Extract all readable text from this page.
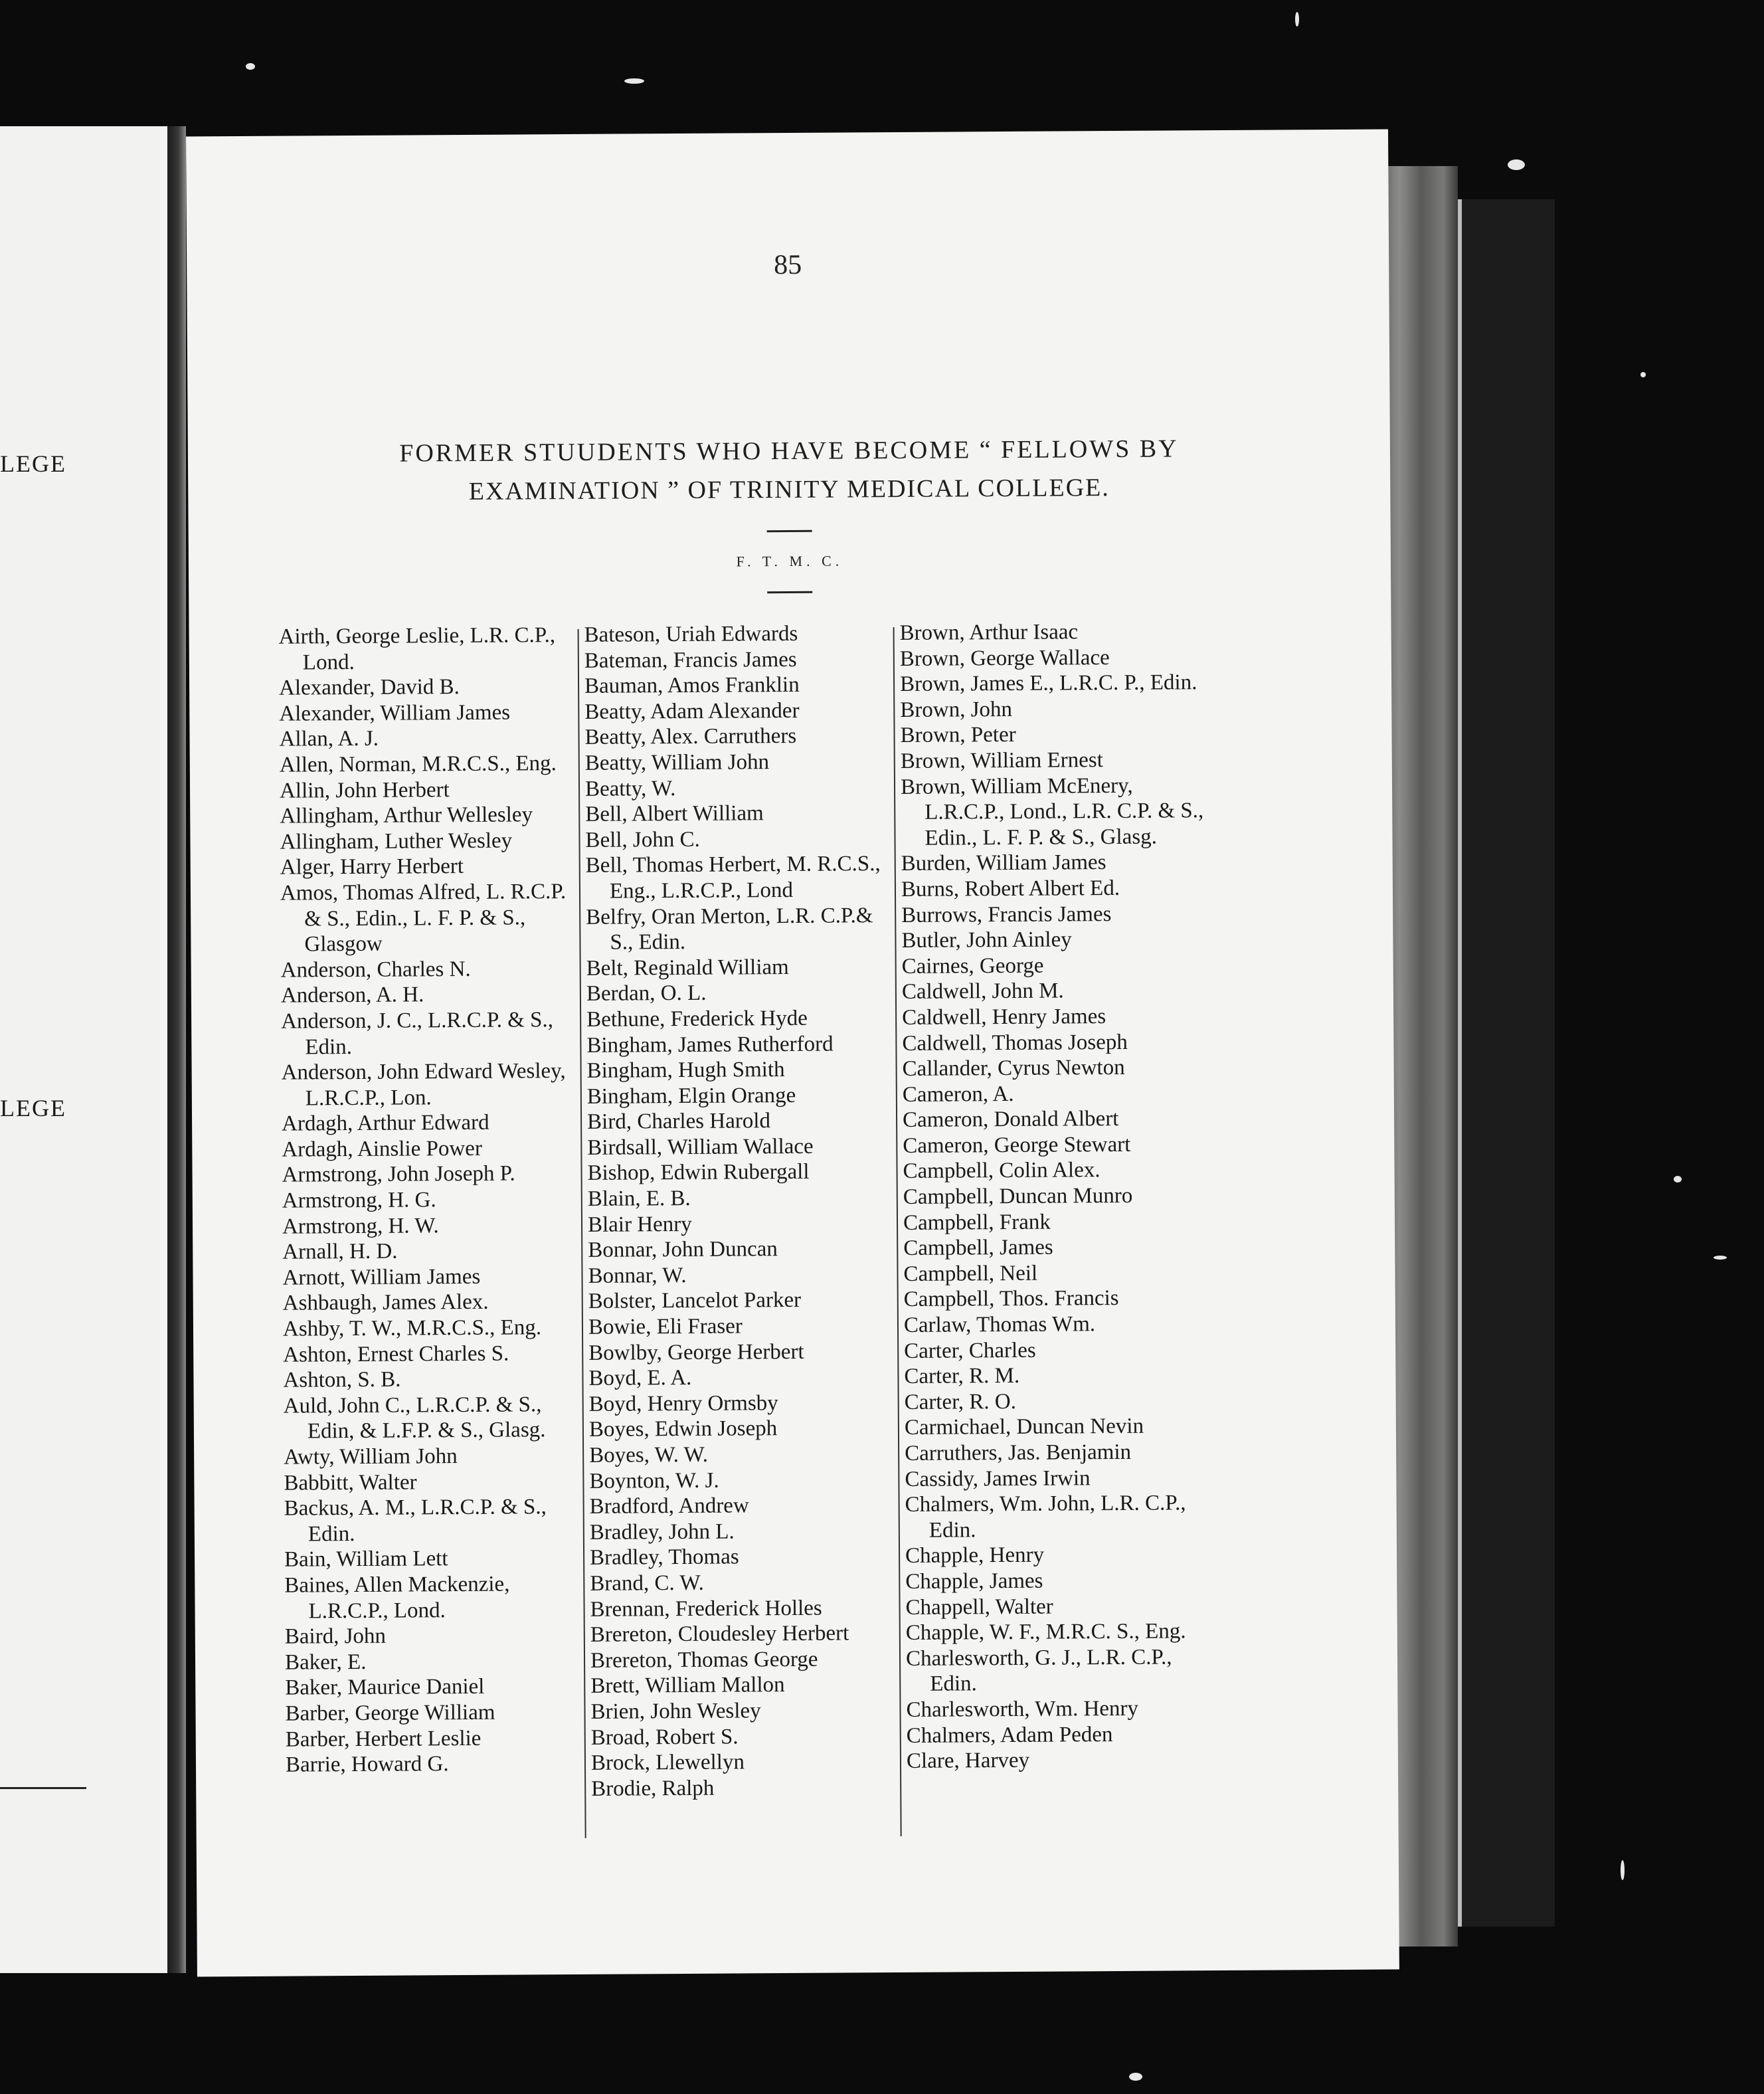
LEGE
LEGE
85
FORMER STUUDENTS WHO HAVE BECOME “ FELLOWS BY
EXAMINATION ” OF TRINITY MEDICAL COLLEGE.
F. T. M. C.
Airth, George Leslie, L.R. C.P., Lond.
Alexander, David B.
Alexander, William James
Allan, A. J.
Allen, Norman, M.R.C.S., Eng.
Allin, John Herbert
Allingham, Arthur Wellesley
Allingham, Luther Wesley
Alger, Harry Herbert
Amos, Thomas Alfred, L. R.C.P. & S., Edin., L. F. P. & S., Glasgow
Anderson, Charles N.
Anderson, A. H.
Anderson, J. C., L.R.C.P. & S., Edin.
Anderson, John Edward Wesley, L.R.C.P., Lon.
Ardagh, Arthur Edward
Ardagh, Ainslie Power
Armstrong, John Joseph P.
Armstrong, H. G.
Armstrong, H. W.
Arnall, H. D.
Arnott, William James
Ashbaugh, James Alex.
Ashby, T. W., M.R.C.S., Eng.
Ashton, Ernest Charles S.
Ashton, S. B.
Auld, John C., L.R.C.P. & S., Edin, & L.F.P. & S., Glasg.
Awty, William John
Babbitt, Walter
Backus, A. M., L.R.C.P. & S., Edin.
Bain, William Lett
Baines, Allen Mackenzie, L.R.C.P., Lond.
Baird, John
Baker, E.
Baker, Maurice Daniel
Barber, George William
Barber, Herbert Leslie
Barrie, Howard G.
Bateson, Uriah Edwards
Bateman, Francis James
Bauman, Amos Franklin
Beatty, Adam Alexander
Beatty, Alex. Carruthers
Beatty, William John
Beatty, W.
Bell, Albert William
Bell, John C.
Bell, Thomas Herbert, M. R.C.S., Eng., L.R.C.P., Lond
Belfry, Oran Merton, L.R. C.P.& S., Edin.
Belt, Reginald William
Berdan, O. L.
Bethune, Frederick Hyde
Bingham, James Rutherford
Bingham, Hugh Smith
Bingham, Elgin Orange
Bird, Charles Harold
Birdsall, William Wallace
Bishop, Edwin Rubergall
Blain, E. B.
Blair Henry
Bonnar, John Duncan
Bonnar, W.
Bolster, Lancelot Parker
Bowie, Eli Fraser
Bowlby, George Herbert
Boyd, E. A.
Boyd, Henry Ormsby
Boyes, Edwin Joseph
Boyes, W. W.
Boynton, W. J.
Bradford, Andrew
Bradley, John L.
Bradley, Thomas
Brand, C. W.
Brennan, Frederick Holles
Brereton, Cloudesley Herbert
Brereton, Thomas George
Brett, William Mallon
Brien, John Wesley
Broad, Robert S.
Brock, Llewellyn
Brodie, Ralph
Brown, Arthur Isaac
Brown, George Wallace
Brown, James E., L.R.C. P., Edin.
Brown, John
Brown, Peter
Brown, William Ernest
Brown, William McEnery, L.R.C.P., Lond., L.R. C.P. & S., Edin., L. F. P. & S., Glasg.
Burden, William James
Burns, Robert Albert Ed.
Burrows, Francis James
Butler, John Ainley
Cairnes, George
Caldwell, John M.
Caldwell, Henry James
Caldwell, Thomas Joseph
Callander, Cyrus Newton
Cameron, A.
Cameron, Donald Albert
Cameron, George Stewart
Campbell, Colin Alex.
Campbell, Duncan Munro
Campbell, Frank
Campbell, James
Campbell, Neil
Campbell, Thos. Francis
Carlaw, Thomas Wm.
Carter, Charles
Carter, R. M.
Carter, R. O.
Carmichael, Duncan Nevin
Carruthers, Jas. Benjamin
Cassidy, James Irwin
Chalmers, Wm. John, L.R. C.P., Edin.
Chapple, Henry
Chapple, James
Chappell, Walter
Chapple, W. F., M.R.C. S., Eng.
Charlesworth, G. J., L.R. C.P., Edin.
Charlesworth, Wm. Henry
Chalmers, Adam Peden
Clare, Harvey
